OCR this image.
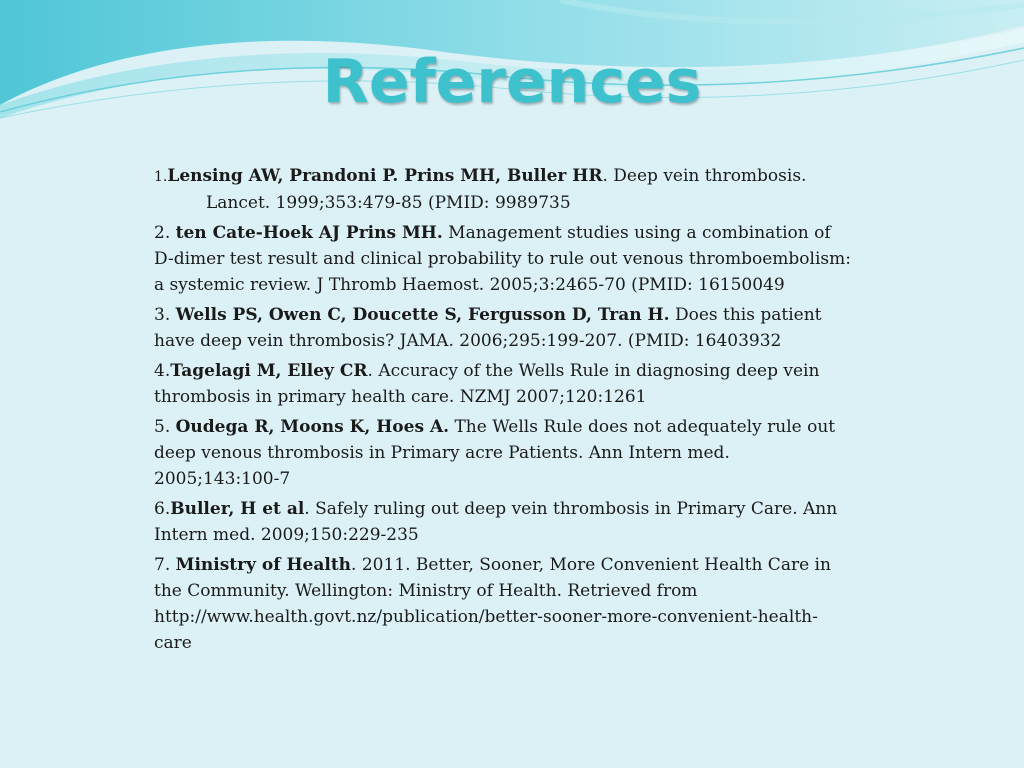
References

1.Lensing AW, Prandoni P. Prins MH, Buller HR. Deep vein thrombosis. Lancet. 1999;353:479-85 (PMID: 9989735

2. ten Cate-Hoek AJ Prins MH. Management studies using a combination of D-dimer test result and clinical probability to rule out venous thromboembolism: a systemic review. J Thromb Haemost. 2005;3:2465-70 (PMID: 16150049

3. Wells PS, Owen C, Doucette S, Fergusson D, Tran H. Does this patient have deep vein thrombosis? JAMA. 2006;295:199-207. (PMID: 16403932

4.Tagelagi M, Elley CR. Accuracy of the Wells Rule in diagnosing deep vein thrombosis in primary health care. NZMJ 2007;120:1261

5. Oudega R, Moons K, Hoes A. The Wells Rule does not adequately rule out deep venous thrombosis in Primary acre Patients. Ann Intern med. 2005;143:100-7

6.Buller, H et al. Safely ruling out deep vein thrombosis in Primary Care. Ann Intern med. 2009;150:229-235

7. Ministry of Health. 2011. Better, Sooner, More Convenient Health Care in the Community. Wellington: Ministry of Health. Retrieved from http://www.health.govt.nz/publication/better-sooner-more-convenient-health-care
